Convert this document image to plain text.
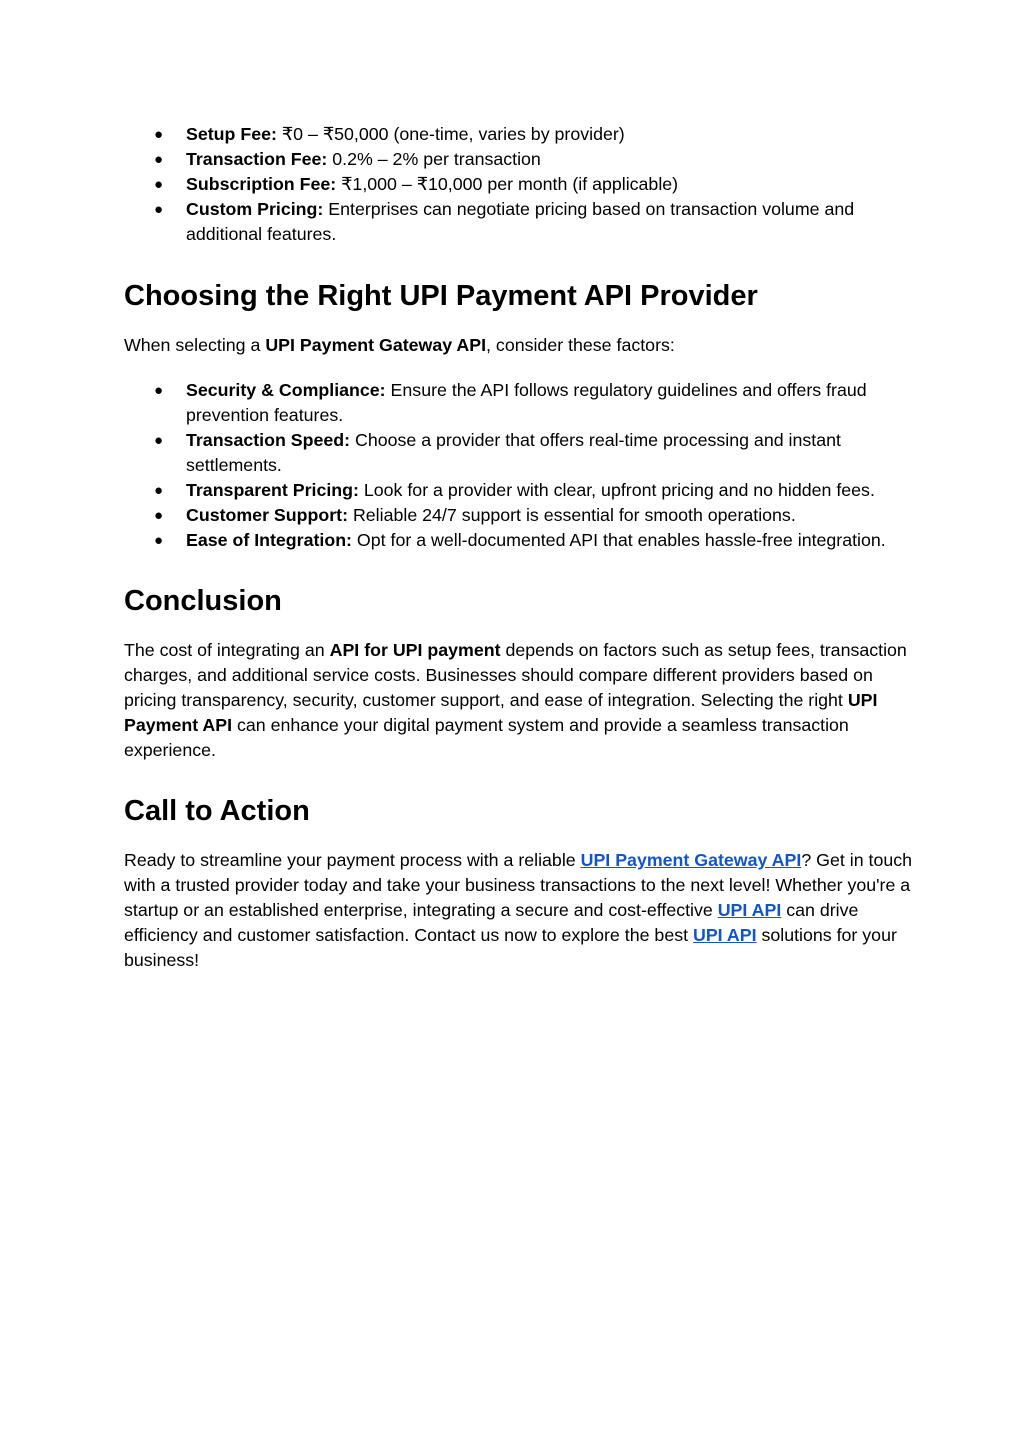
● Setup Fee: ₹0 – ₹50,000 (one-time, varies by provider)
● Transaction Fee: 0.2% – 2% per transaction
● Subscription Fee: ₹1,000 – ₹10,000 per month (if applicable)
● Custom Pricing: Enterprises can negotiate pricing based on transaction volume and additional features.
Choosing the Right UPI Payment API Provider

When selecting a UPI Payment Gateway API, consider these factors:

● Security & Compliance: Ensure the API follows regulatory guidelines and offers fraud prevention features.
● Transaction Speed: Choose a provider that offers real-time processing and instant settlements.
● Transparent Pricing: Look for a provider with clear, upfront pricing and no hidden fees.
● Customer Support: Reliable 24/7 support is essential for smooth operations.
● Ease of Integration: Opt for a well-documented API that enables hassle-free integration.
Conclusion

The cost of integrating an API for UPI payment depends on factors such as setup fees, transaction charges, and additional service costs. Businesses should compare different providers based on pricing transparency, security, customer support, and ease of integration. Selecting the right UPI Payment API can enhance your digital payment system and provide a seamless transaction experience.

Call to Action

Ready to streamline your payment process with a reliable UPI Payment Gateway API? Get in touch with a trusted provider today and take your business transactions to the next level! Whether you're a startup or an established enterprise, integrating a secure and cost-effective UPI API can drive efficiency and customer satisfaction. Contact us now to explore the best UPI API solutions for your business!
